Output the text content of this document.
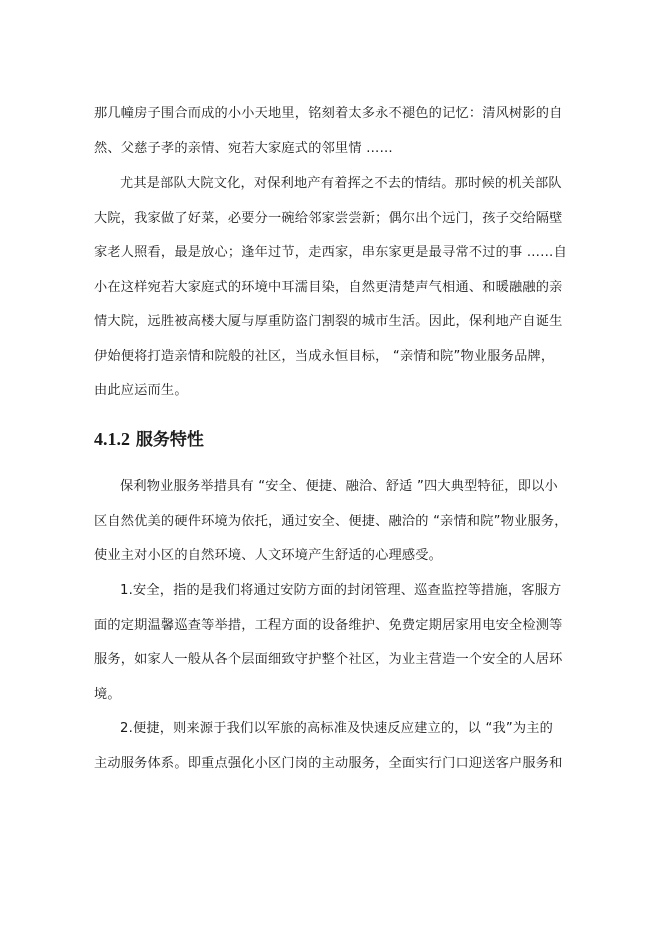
那几幢房子围合而成的小小天地里，铭刻着太多永不褪色的记忆：清风树影的自
然、父慈子孝的亲情、宛若大家庭式的邻里情 ……
尤其是部队大院文化，对保利地产有着挥之不去的情结。那时候的机关部队
大院，我家做了好菜，必要分一碗给邻家尝尝新；偶尔出个远门，孩子交给隔壁
家老人照看，最是放心；逢年过节，走西家，串东家更是最寻常不过的事 ……自
小在这样宛若大家庭式的环境中耳濡目染，自然更清楚声气相通、和暖融融的亲
情大院，远胜被高楼大厦与厚重防盗门割裂的城市生活。因此，保利地产自诞生
伊始便将打造亲情和院般的社区，当成永恒目标， “亲情和院”物业服务品牌，
由此应运而生。
4.1.2 服务特性
保利物业服务举措具有 “安全、便捷、融洽、舒适 ”四大典型特征，即以小
区自然优美的硬件环境为依托，通过安全、便捷、融洽的 “亲情和院”物业服务，
使业主对小区的自然环境、人文环境产生舒适的心理感受。
1.安全，指的是我们将通过安防方面的封闭管理、巡查监控等措施，客服方
面的定期温馨巡查等举措，工程方面的设备维护、免费定期居家用电安全检测等
服务，如家人一般从各个层面细致守护整个社区，为业主营造一个安全的人居环
境。
2.便捷，则来源于我们以军旅的高标准及快速反应建立的，以 “我”为主的
主动服务体系。即重点强化小区门岗的主动服务，全面实行门口迎送客户服务和
